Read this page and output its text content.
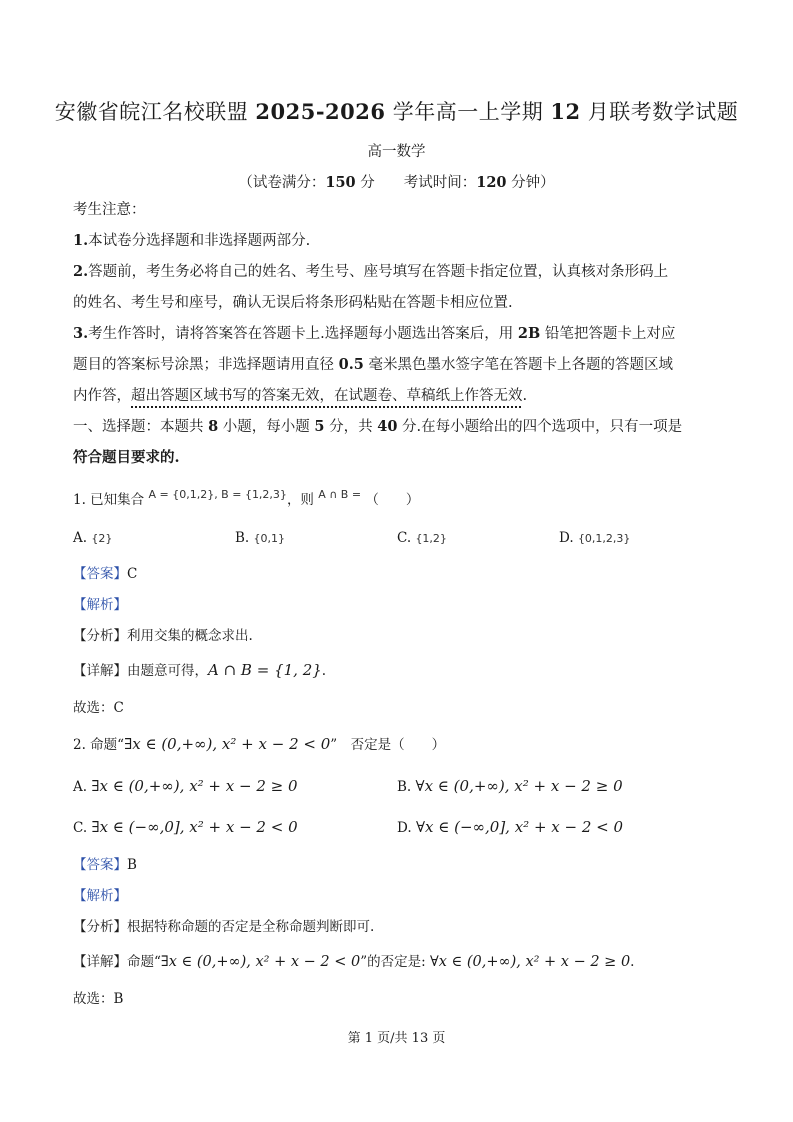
安徽省皖江名校联盟 2025-2026 学年高一上学期 12 月联考数学试题
高一数学
（试卷满分：150 分　　考试时间：120 分钟）
考生注意：
1.本试卷分选择题和非选择题两部分.
2.答题前，考生务必将自己的姓名、考生号、座号填写在答题卡指定位置，认真核对条形码上
的姓名、考生号和座号，确认无误后将条形码粘贴在答题卡相应位置.
3.考生作答时，请将答案答在答题卡上.选择题每小题选出答案后，用 2B 铅笔把答题卡上对应
题目的答案标号涂黑；非选择题请用直径 0.5 毫米黑色墨水签字笔在答题卡上各题的答题区域
内作答，超出答题区域书写的答案无效，在试题卷、草稿纸上作答无效.
一、选择题：本题共 8 小题，每小题 5 分，共 40 分.在每小题给出的四个选项中，只有一项是
符合题目要求的.
1. 已知集合 $^{A = \{0,1,2\}, B = \{1,2,3\}}$，则 $^{A \cap B =}$ （　　）
A. {2}	B. {0,1}	C. {1,2}	D. {0,1,2,3}
【答案】C
【解析】
【分析】利用交集的概念求出.
【详解】由题意可得，A ∩ B = {1, 2}.
故选：C
2. 命题“∃x ∈ (0,+∞), x² + x − 2 < 0”　否定是（　　）
A. ∃x ∈ (0,+∞), x² + x − 2 ≥ 0	B. ∀x ∈ (0,+∞), x² + x − 2 ≥ 0
C. ∃x ∈ (−∞,0], x² + x − 2 < 0	D. ∀x ∈ (−∞,0], x² + x − 2 < 0
【答案】B
【解析】
【分析】根据特称命题的否定是全称命题判断即可.
【详解】命题“∃x ∈ (0,+∞), x² + x − 2 < 0”的否定是: ∀x ∈ (0,+∞), x² + x − 2 ≥ 0.
故选：B
第 1 页/共 13 页
